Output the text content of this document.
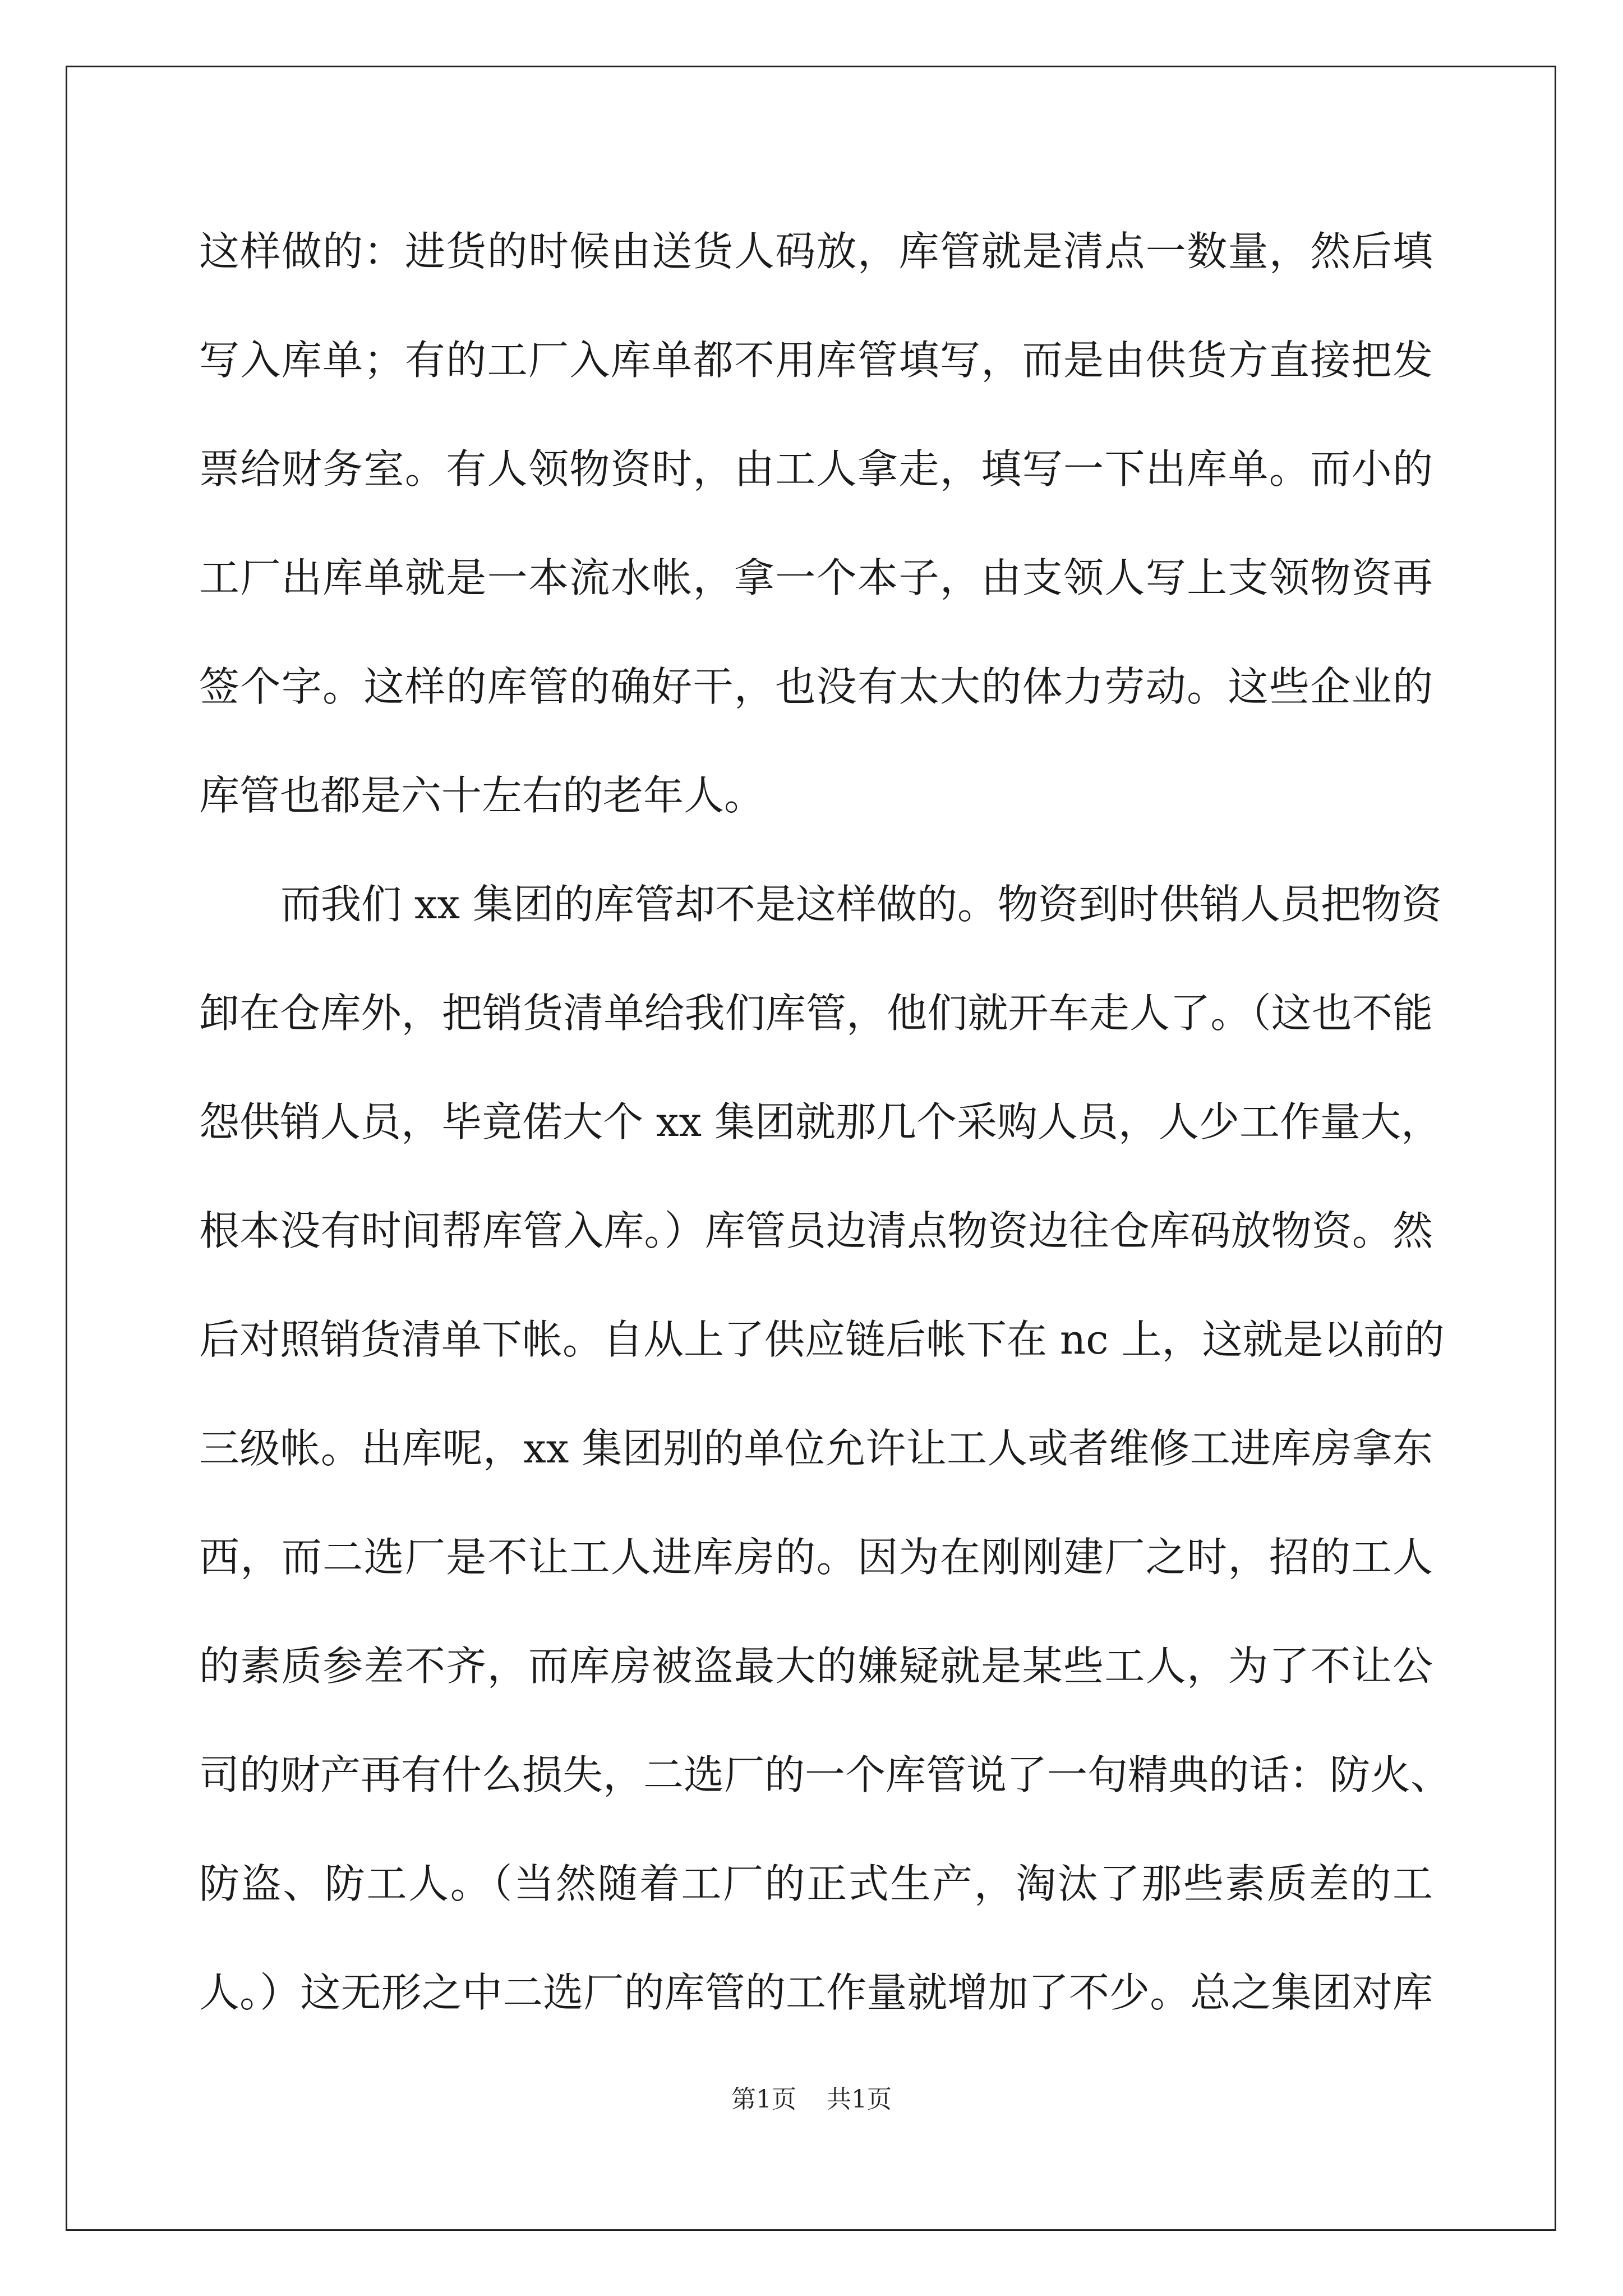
这样做的：进货的时候由送货人码放，库管就是清点一数量，然后填
写入库单；有的工厂入库单都不用库管填写，而是由供货方直接把发
票给财务室。有人领物资时，由工人拿走，填写一下出库单。而小的
工厂出库单就是一本流水帐，拿一个本子，由支领人写上支领物资再
签个字。这样的库管的确好干，也没有太大的体力劳动。这些企业的
库管也都是六十左右的老年人。
而我们 xx 集团的库管却不是这样做的。物资到时供销人员把物资
卸在仓库外，把销货清单给我们库管，他们就开车走人了。（这也不能
怨供销人员，毕竟偌大个 xx 集团就那几个采购人员，人少工作量大，
根本没有时间帮库管入库。）库管员边清点物资边往仓库码放物资。然
后对照销货清单下帐。自从上了供应链后帐下在 nc 上，这就是以前的
三级帐。出库呢，xx 集团别的单位允许让工人或者维修工进库房拿东
西，而二选厂是不让工人进库房的。因为在刚刚建厂之时，招的工人
的素质参差不齐，而库房被盗最大的嫌疑就是某些工人，为了不让公
司的财产再有什么损失，二选厂的一个库管说了一句精典的话：防火、
防盗、防工人。（当然随着工厂的正式生产，淘汰了那些素质差的工
人。）这无形之中二选厂的库管的工作量就增加了不少。总之集团对库
第1页 共1页
